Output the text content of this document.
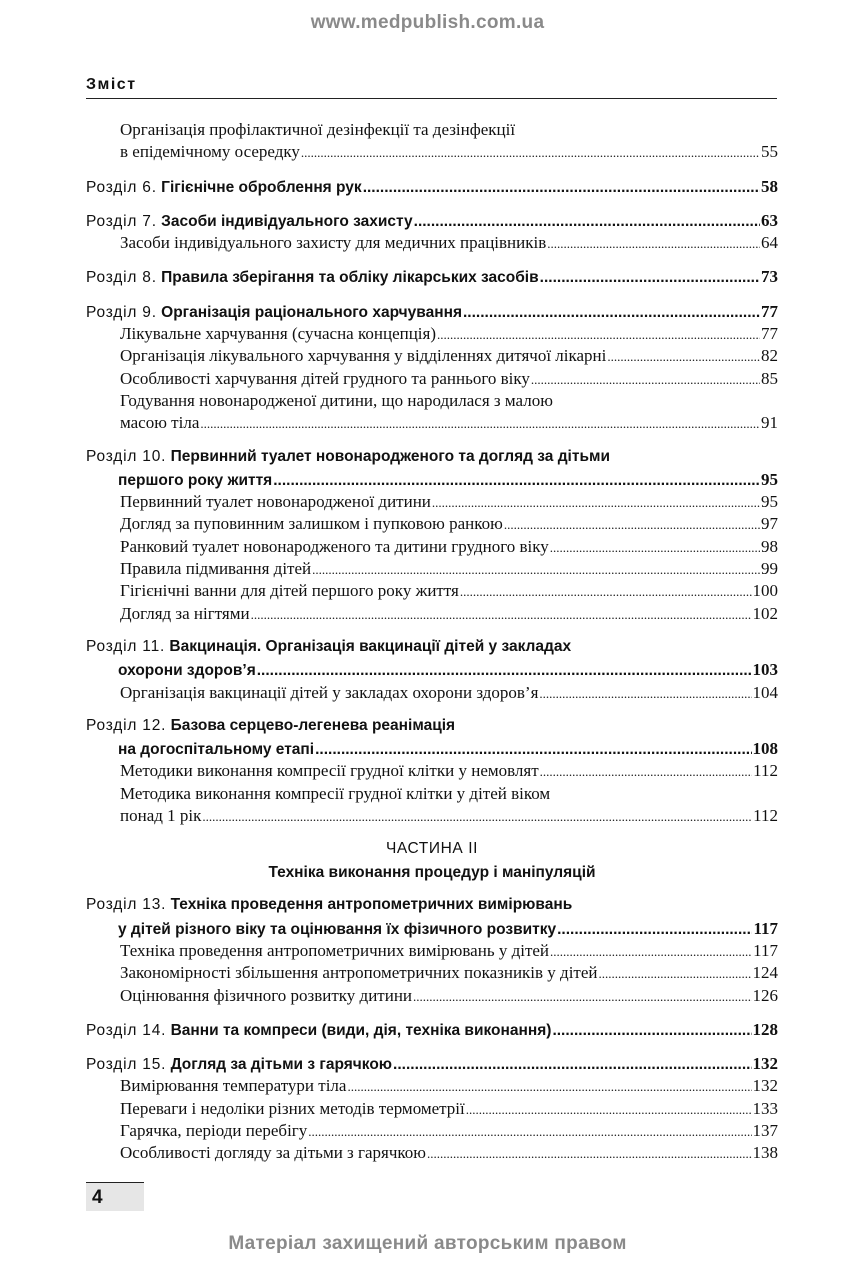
www.medpublish.com.ua
Зміст
Організація профілактичної дезінфекції та дезінфекції
в епідемічному осередку .....	55
Розділ 6.
Гігієнічне оброблення рук .....	58
Розділ 7.
Засоби індивідуального захисту .....	63
Засоби індивідуального захисту для медичних працівників .....	64
Розділ 8.
Правила зберігання та обліку лікарських засобів .....	73
Розділ 9.
Організація раціонального харчування .....	77
Лікувальне харчування (сучасна концепція) .....	77
Організація лікувального харчування у відділеннях дитячої лікарні .....	82
Особливості харчування дітей грудного та раннього віку .....	85
Годування новонародженої дитини, що народилася з малою
масою тіла .....	91
Розділ 10.
Первинний туалет новонародженого та догляд за дітьми
першого року життя .....	95
Первинний туалет новонародженої дитини .....	95
Догляд за пуповинним залишком і пупковою ранкою .....	97
Ранковий туалет новонародженого та дитини грудного віку .....	98
Правила підмивання дітей .....	99
Гігієнічні ванни для дітей першого року життя .....	100
Догляд за нігтями .....	102
Розділ 11.
Вакцинація. Організація вакцинації дітей у закладах
охорони здоров’я .....	103
Організація вакцинації дітей у закладах охорони здоров’я .....	104
Розділ 12.
Базова серцево-легенева реанімація
на догоспітальному етапі .....	108
Методики виконання компресії грудної клітки у немовлят .....	112
Методика виконання компресії грудної клітки у дітей віком
понад 1 рік .....	112
ЧАСТИНА II
Техніка виконання процедур і маніпуляцій
Розділ 13.
Техніка проведення антропометричних вимірювань
у дітей різного віку та оцінювання їх фізичного розвитку .....	117
Техніка проведення антропометричних вимірювань у дітей .....	117
Закономірності збільшення антропометричних показників у дітей .....	124
Оцінювання фізичного розвитку дитини .....	126
Розділ 14.
Ванни та компреси (види, дія, техніка виконання) .....	128
Розділ 15.
Догляд за дітьми з гарячкою .....	132
Вимірювання температури тіла .....	132
Переваги і недоліки різних методів термометрії .....	133
Гарячка, періоди перебігу .....	137
Особливості догляду за дітьми з гарячкою .....	138
4
Матеріал захищений авторським правом
